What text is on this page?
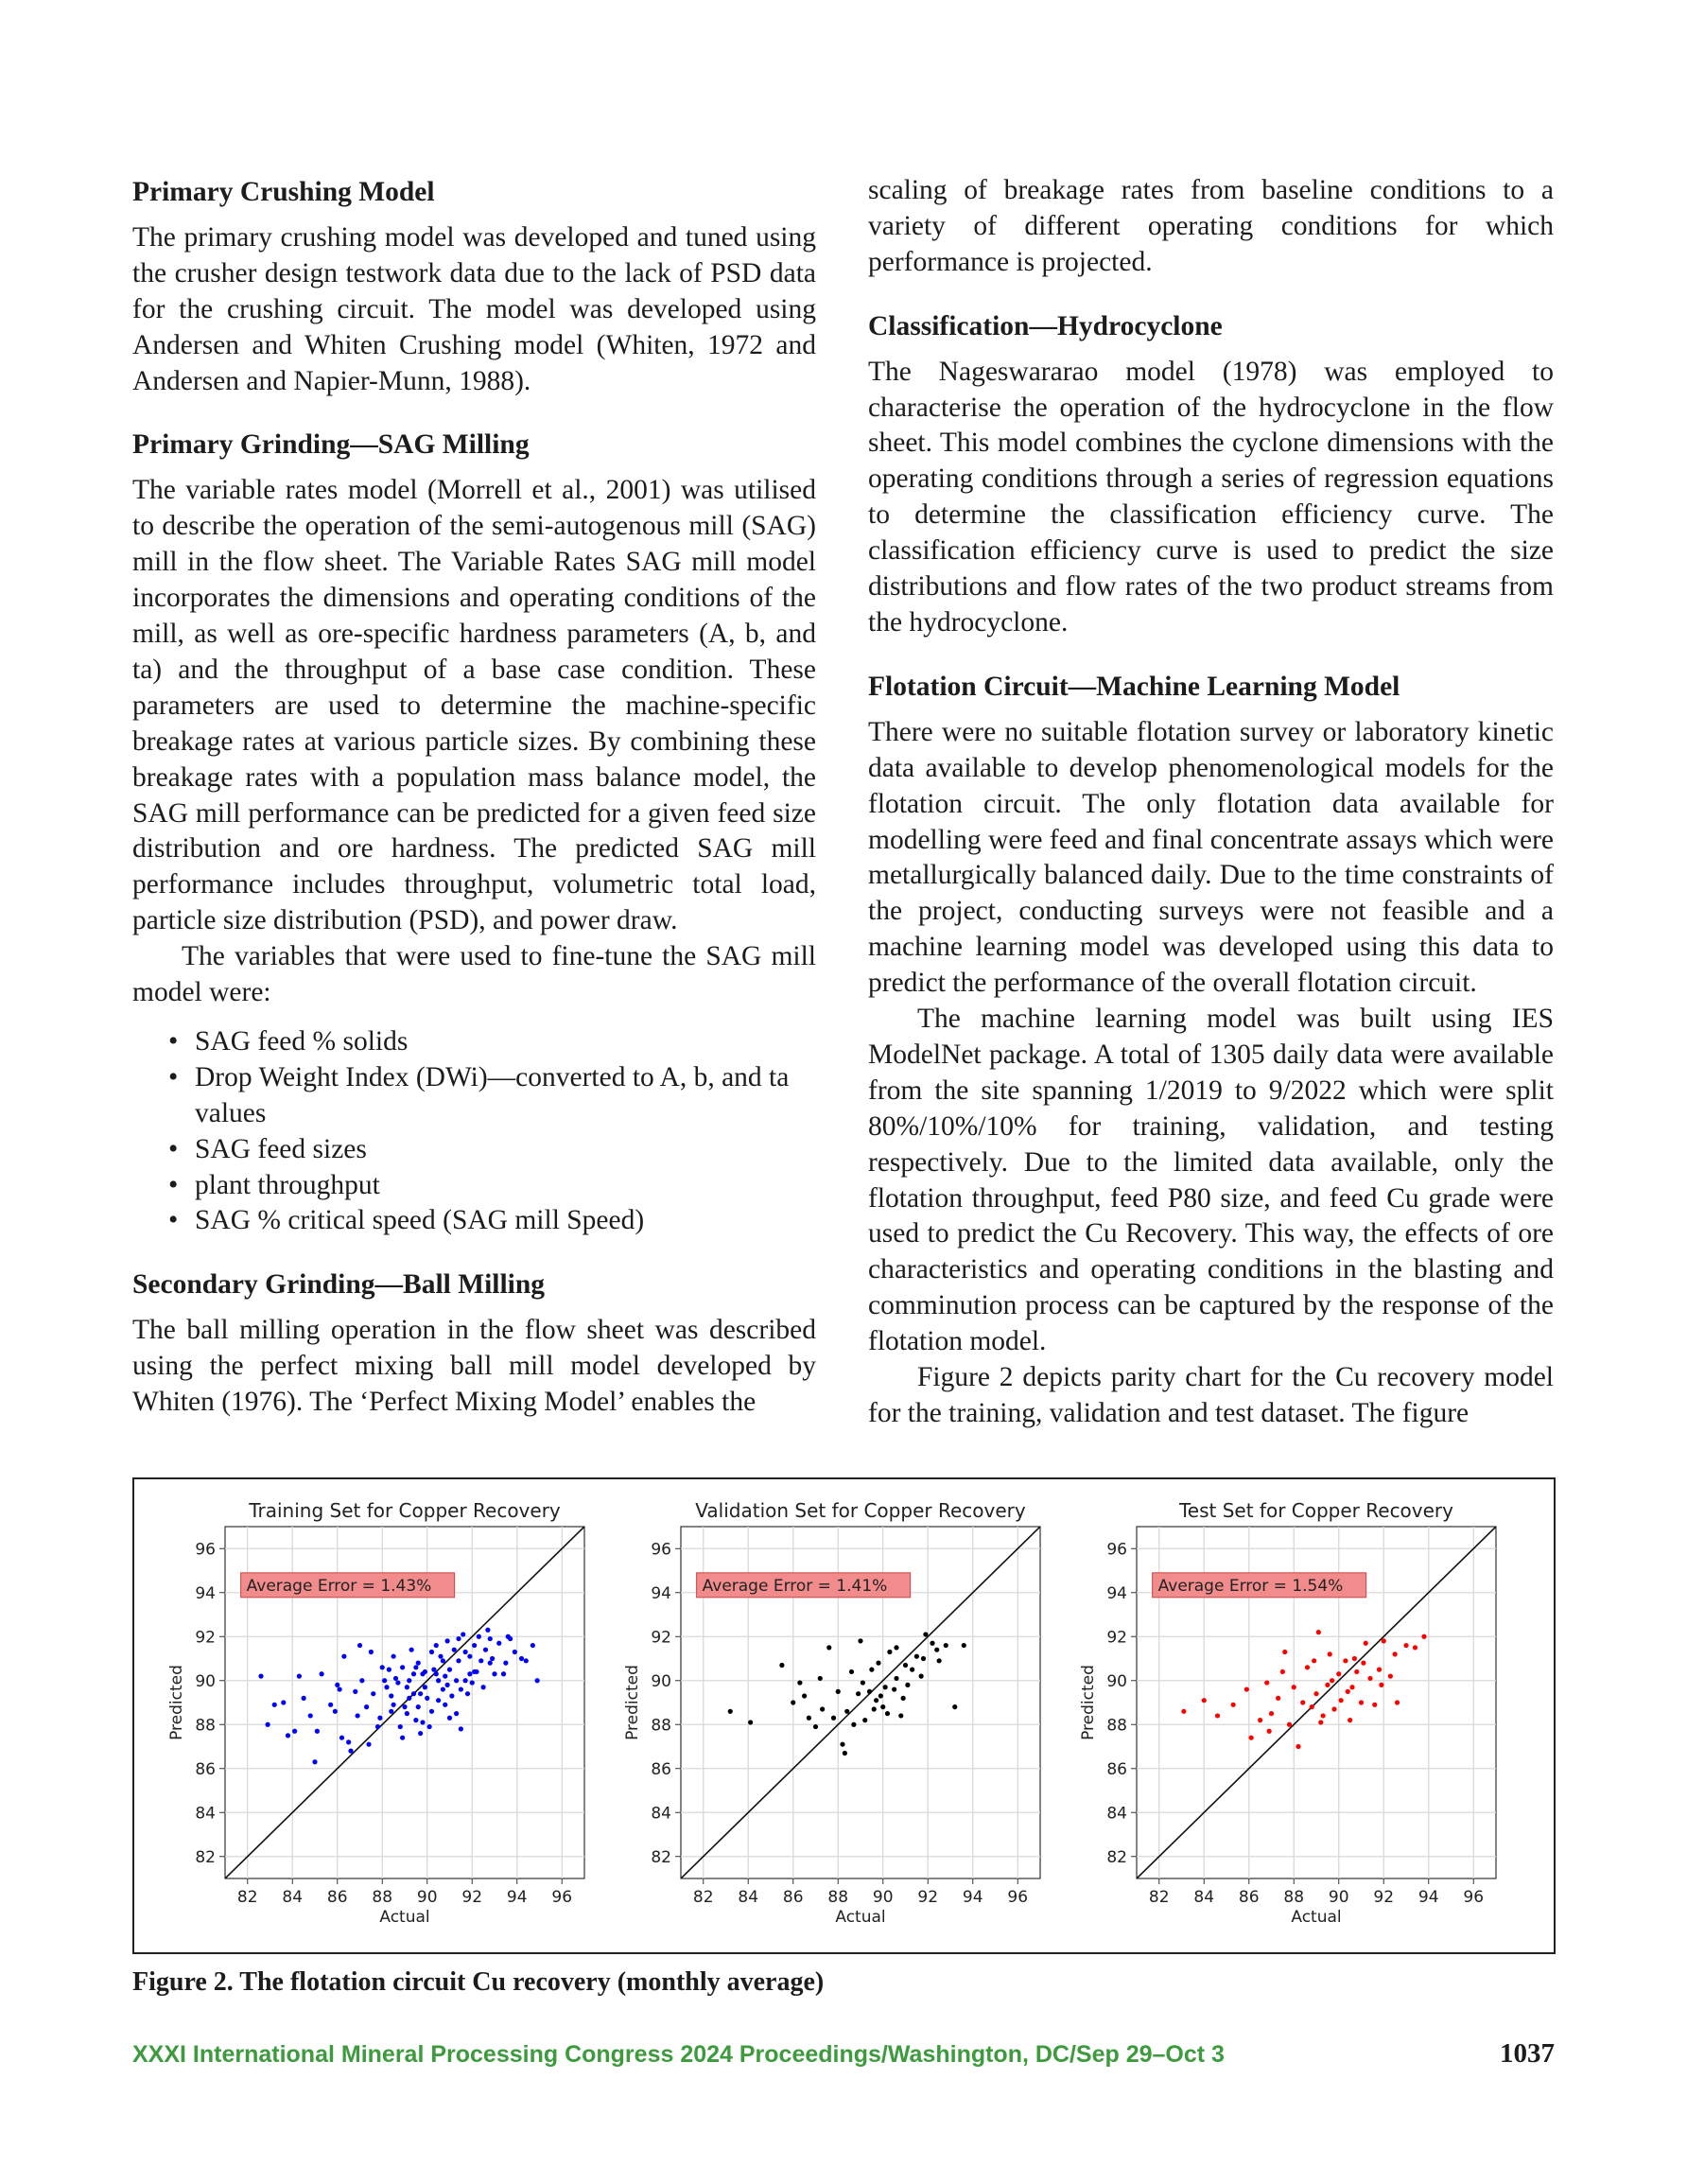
Primary Crushing Model

The primary crushing model was developed and tuned using the crusher design testwork data due to the lack of PSD data for the crushing circuit. The model was developed using Andersen and Whiten Crushing model (Whiten, 1972 and Andersen and Napier-Munn, 1988).

Primary Grinding—SAG Milling

The variable rates model (Morrell et al., 2001) was utilised to describe the operation of the semi-autogenous mill (SAG) mill in the flow sheet. The Variable Rates SAG mill model incorporates the dimensions and operating conditions of the mill, as well as ore-specific hardness parameters (A, b, and ta) and the throughput of a base case condition. These parameters are used to determine the machine-specific breakage rates at various particle sizes. By combining these breakage rates with a population mass balance model, the SAG mill performance can be predicted for a given feed size distribution and ore hardness. The predicted SAG mill performance includes throughput, volumetric total load, particle size distribution (PSD), and power draw.

The variables that were used to fine-tune the SAG mill model were:

• SAG feed % solids
• Drop Weight Index (DWi)—converted to A, b, and ta values
• SAG feed sizes
• plant throughput
• SAG % critical speed (SAG mill Speed)
Secondary Grinding—Ball Milling

The ball milling operation in the flow sheet was described using the perfect mixing ball mill model developed by Whiten (1976). The ‘Perfect Mixing Model’ enables the

scaling of breakage rates from baseline conditions to a variety of different operating conditions for which performance is projected.

Classification—Hydrocyclone

The Nageswararao model (1978) was employed to characterise the operation of the hydrocyclone in the flow sheet. This model combines the cyclone dimensions with the operating conditions through a series of regression equations to determine the classification efficiency curve. The classification efficiency curve is used to predict the size distributions and flow rates of the two product streams from the hydrocyclone.

Flotation Circuit—Machine Learning Model

There were no suitable flotation survey or laboratory kinetic data available to develop phenomenological models for the flotation circuit. The only flotation data available for modelling were feed and final concentrate assays which were metallurgically balanced daily. Due to the time constraints of the project, conducting surveys were not feasible and a machine learning model was developed using this data to predict the performance of the overall flotation circuit.

The machine learning model was built using IES ModelNet package. A total of 1305 daily data were available from the site spanning 1/2019 to 9/2022 which were split 80%/10%/10% for training, validation, and testing respectively. Due to the limited data available, only the flotation throughput, feed P80 size, and feed Cu grade were used to predict the Cu Recovery. This way, the effects of ore characteristics and operating conditions in the blasting and comminution process can be captured by the response of the flotation model.

Figure 2 depicts parity chart for the Cu recovery model for the training, validation and test dataset. The figure

82
82
84
84
86
86
88
88
90
90
92
92
94
94
96
96
Average Error = 1.43%
Training Set for Copper Recovery
Actual
Predicted
82
82
84
84
86
86
88
88
90
90
92
92
94
94
96
96
Average Error = 1.41%
Validation Set for Copper Recovery
Actual
Predicted
82
82
84
84
86
86
88
88
90
90
92
92
94
94
96
96
Average Error = 1.54%
Test Set for Copper Recovery
Actual
Predicted
Figure 2. The flotation circuit Cu recovery (monthly average)
XXXI International Mineral Processing Congress 2024 Proceedings/Washington, DC/Sep 29–Oct 3	1037
